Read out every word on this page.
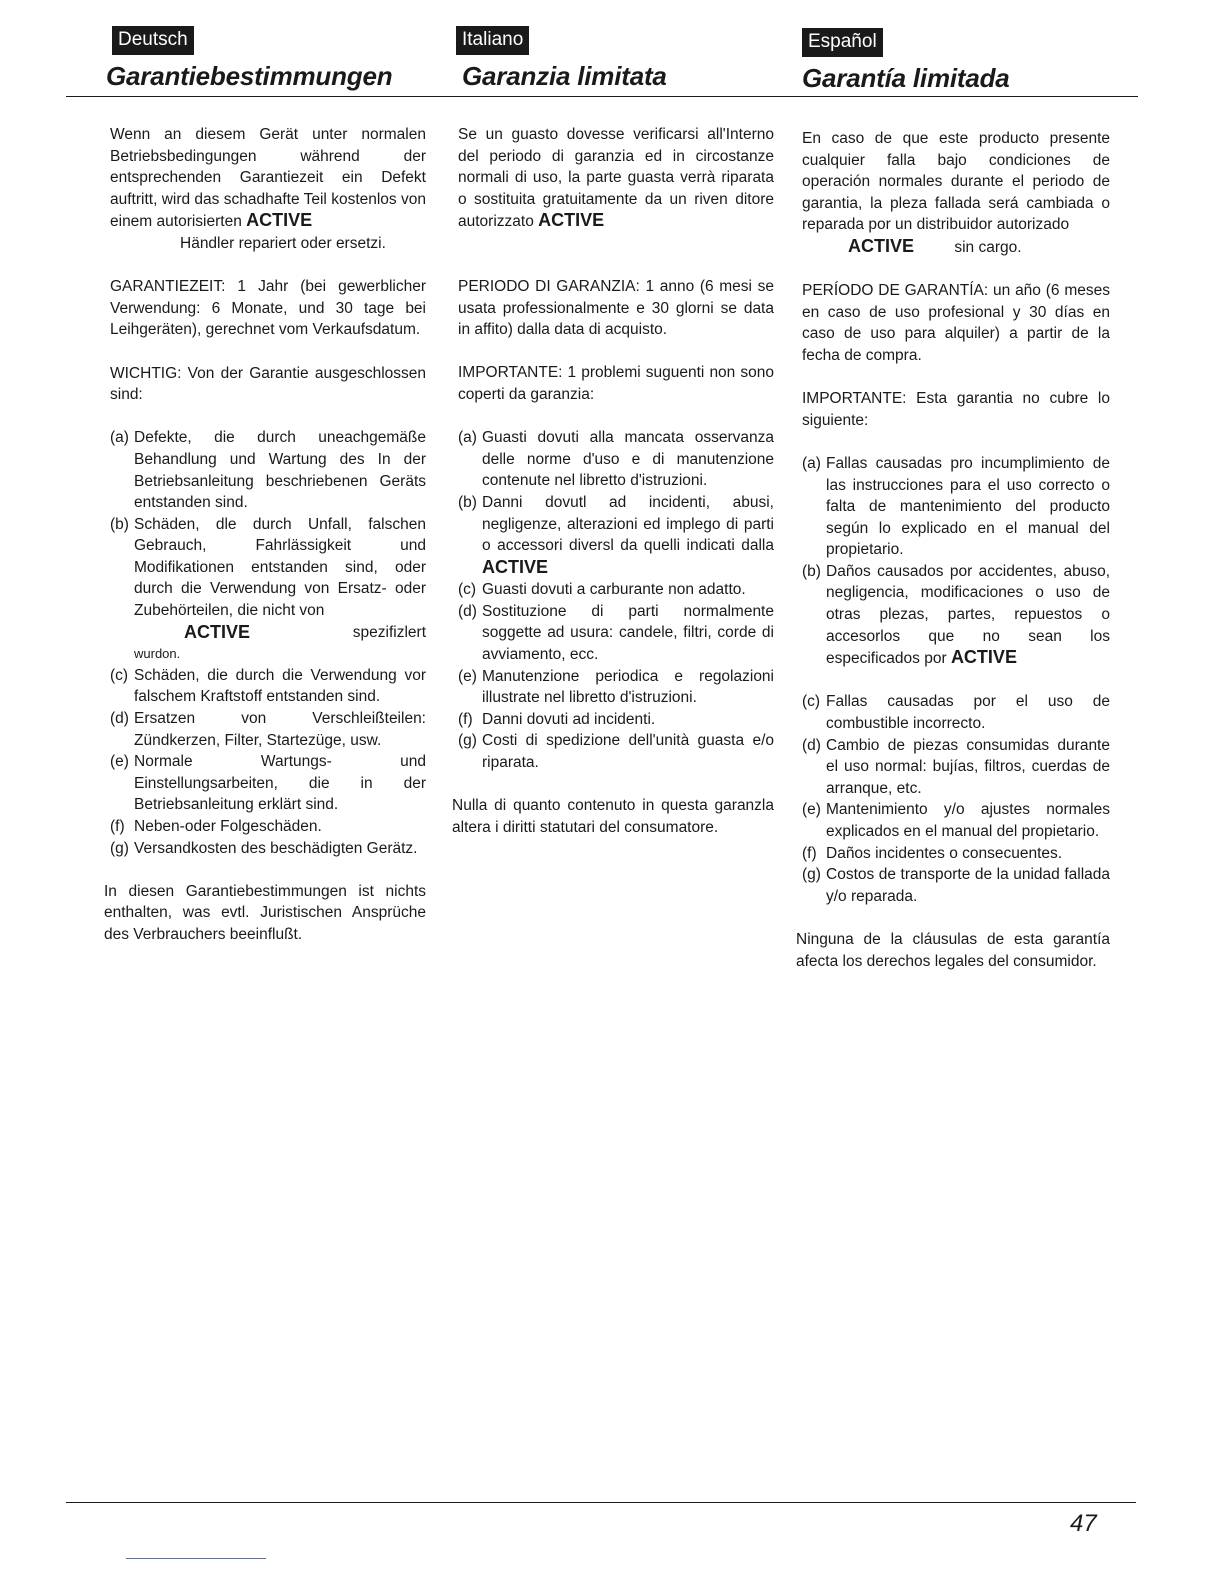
Deutsch
Garantiebestimmungen
Italiano
Garanzia limitata
Español
Garantía limitada

Wenn an diesem Gerät unter normalen Betriebsbedingungen während der entsprechenden Garantiezeit ein Defekt auftritt, wird das schadhafte Teil kostenlos von einem autorisierten ACTIVE
Händler repariert oder ersetzi.

GARANTIEZEIT: 1 Jahr (bei gewerblicher Verwendung: 6 Monate, und 30 tage bei Leihgeräten), gerechnet vom Verkaufsdatum.

WICHTIG: Von der Garantie ausgeschlossen sind:

(a) Defekte, die durch uneachgemäße Behandlung und Wartung des In der Betriebsanleitung beschriebenen Geräts entstanden sind.
(b) Schäden, dle durch Unfall, falschen Gebrauch, Fahrlässigkeit und Modifikationen entstanden sind, oder durch die Verwendung von Ersatz- oder Zubehörteilen, die nicht von
ACTIVE	spezifizlert
wurdon.
(c) Schäden, die durch die Verwendung vor falschem Kraftstoff entstanden sind.
(d) Ersatzen von Verschleißteilen: Zündkerzen, Filter, Startezüge, usw.
(e) Normale Wartungs- und Einstellungsarbeiten, die in der Betriebsanleitung erklärt sind.
(f) Neben-oder Folgeschäden.
(g) Versandkosten des beschädigten Gerätz.

In diesen Garantiebestimmungen ist nichts enthalten, was evtl. Juristischen Ansprüche des Verbrauchers beeinflußt.

Se un guasto dovesse verificarsi all'Interno del periodo di garanzia ed in circostanze normali di uso, la parte guasta verrà riparata o sostituita gratuitamente da un riven ditore autorizzato ACTIVE

PERIODO DI GARANZIA: 1 anno (6 mesi se usata professionalmente e 30 glorni se data in affito) dalla data di acquisto.

IMPORTANTE: 1 problemi suguenti non sono coperti da garanzia:

(a) Guasti dovuti alla mancata osservanza delle norme d'uso e di manutenzione contenute nel libretto d'istruzioni.
(b) Danni dovutl ad incidenti, abusi, negligenze, alterazioni ed implego di parti o accessori diversl da quelli indicati dalla ACTIVE
(c) Guasti dovuti a carburante non adatto.
(d) Sostituzione di parti normalmente soggette ad usura: candele, filtri, corde di avviamento, ecc.
(e) Manutenzione periodica e regolazioni illustrate nel libretto d'istruzioni.
(f) Danni dovuti ad incidenti.
(g) Costi di spedizione dell'unità guasta e/o riparata.

Nulla di quanto contenuto in questa garanzla altera i diritti statutari del consumatore.

En caso de que este producto presente cualquier falla bajo condiciones de operación normales durante el periodo de garantia, la pleza fallada será cambiada o reparada por un distribuidor autorizado
ACTIVE	sin cargo.

PERÍODO DE GARANTÍA: un año (6 meses en caso de uso profesional y 30 días en caso de uso para alquiler) a partir de la fecha de compra.

IMPORTANTE: Esta garantia no cubre lo siguiente:

(a) Fallas causadas pro incumplimiento de las instrucciones para el uso correcto o falta de mantenimiento del producto según lo explicado en el manual del propietario.
(b) Daños causados por accidentes, abuso, negligencia, modificaciones o uso de otras plezas, partes, repuestos o accesorlos que no sean los especificados por ACTIVE
(c) Fallas causadas por el uso de combustible incorrecto.
(d) Cambio de piezas consumidas durante el uso normal: bujías, filtros, cuerdas de arranque, etc.
(e) Mantenimiento y/o ajustes normales explicados en el manual del propietario.
(f) Daños incidentes o consecuentes.
(g) Costos de transporte de la unidad fallada y/o reparada.

Ninguna de la cláusulas de esta garantía afecta los derechos legales del consumidor.

47
